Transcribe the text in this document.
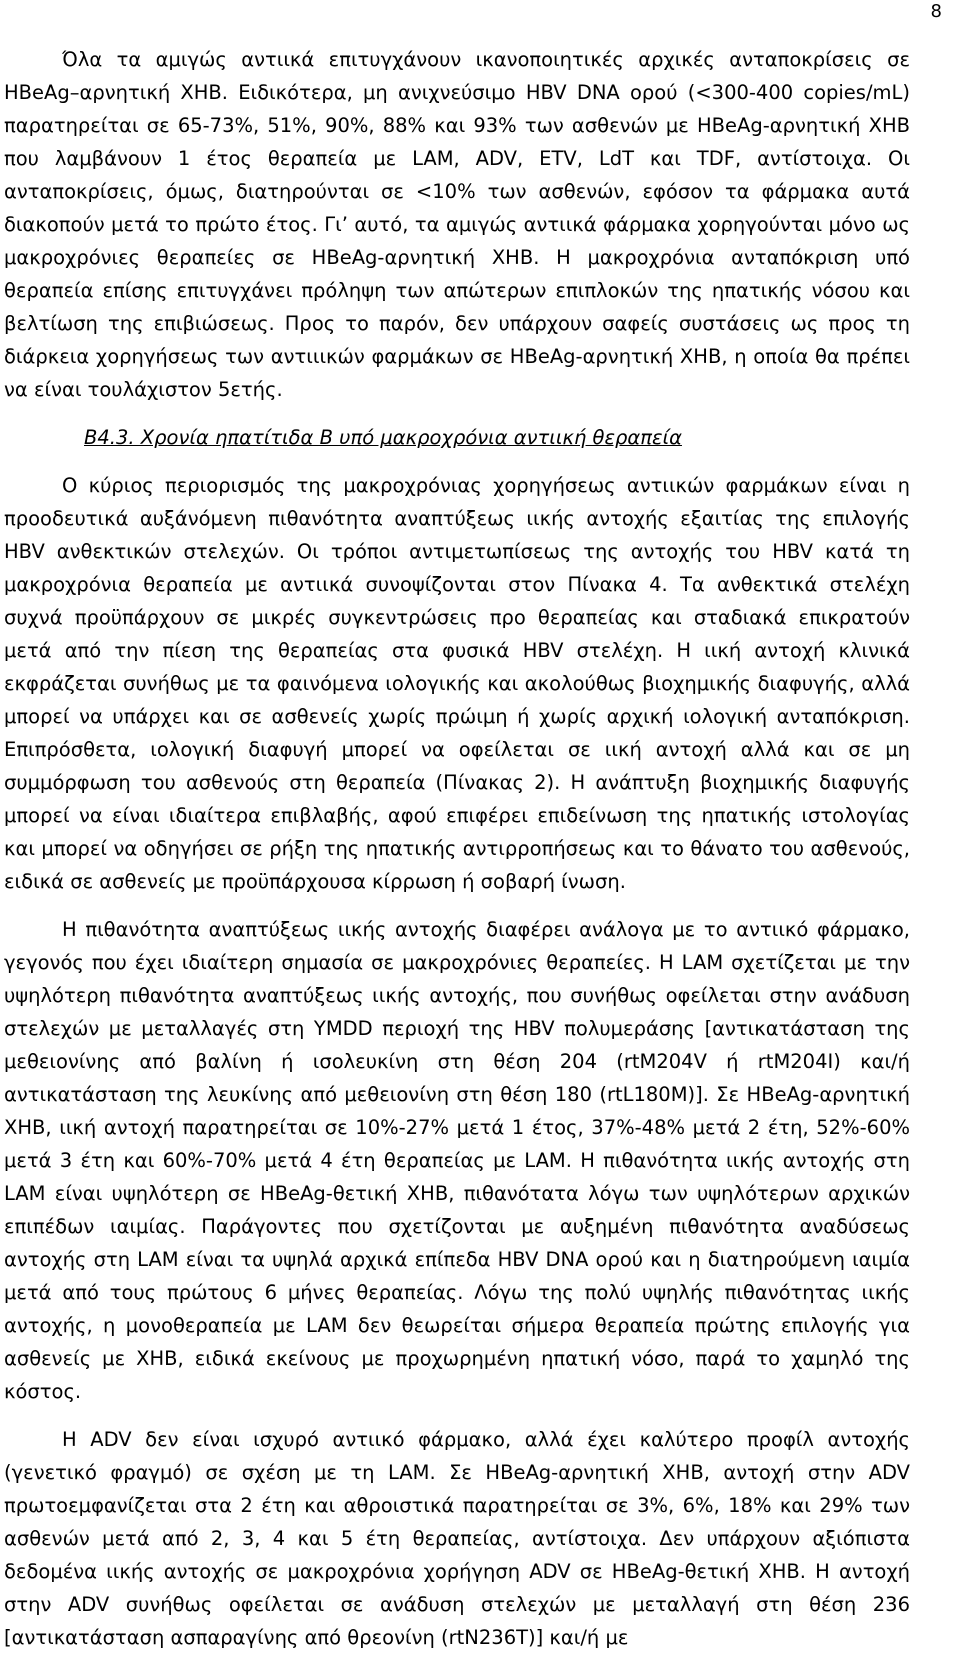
8

Όλα τα αμιγώς αντιικά επιτυγχάνουν ικανοποιητικές αρχικές ανταποκρίσεις σε HBeAg–αρνητική ΧΗΒ. Ειδικότερα, μη ανιχνεύσιμο HBV DNA ορού (<300-400 copies/mL) παρατηρείται σε 65-73%, 51%, 90%, 88% και 93% των ασθενών με HBeAg-αρνητική ΧΗΒ που λαμβάνουν 1 έτος θεραπεία με LAM, ADV, ETV, LdT και TDF, αντίστοιχα. Οι ανταποκρίσεις, όμως, διατηρούνται σε <10% των ασθενών, εφόσον τα φάρμακα αυτά διακοπούν μετά το πρώτο έτος. Γι’ αυτό, τα αμιγώς αντιικά φάρμακα χορηγούνται μόνο ως μακροχρόνιες θεραπείες σε HBeAg-αρνητική ΧΗΒ. Η μακροχρόνια ανταπόκριση υπό θεραπεία επίσης επιτυγχάνει πρόληψη των απώτερων επιπλοκών της ηπατικής νόσου και βελτίωση της επιβιώσεως. Προς το παρόν, δεν υπάρχουν σαφείς συστάσεις ως προς τη διάρκεια χορηγήσεως των αντιιικών φαρμάκων σε HBeAg-αρνητική ΧΗΒ, η οποία θα πρέπει να είναι τουλάχιστον 5ετής.

Β4.3. Χρονία ηπατίτιδα Β υπό μακροχρόνια αντιική θεραπεία

Ο κύριος περιορισμός της μακροχρόνιας χορηγήσεως αντιικών φαρμάκων είναι η προοδευτικά αυξάνόμενη πιθανότητα αναπτύξεως ιικής αντοχής εξαιτίας της επιλογής HBV ανθεκτικών στελεχών. Οι τρόποι αντιμετωπίσεως της αντοχής του HBV κατά τη μακροχρόνια θεραπεία με αντιικά συνοψίζονται στον Πίνακα 4. Τα ανθεκτικά στελέχη συχνά προϋπάρχουν σε μικρές συγκεντρώσεις προ θεραπείας και σταδιακά επικρατούν μετά από την πίεση της θεραπείας στα φυσικά HBV στελέχη. Η ιική αντοχή κλινικά εκφράζεται συνήθως με τα φαινόμενα ιολογικής και ακολούθως βιοχημικής διαφυγής, αλλά μπορεί να υπάρχει και σε ασθενείς χωρίς πρώιμη ή χωρίς αρχική ιολογική ανταπόκριση. Επιπρόσθετα, ιολογική διαφυγή μπορεί να οφείλεται σε ιική αντοχή αλλά και σε μη συμμόρφωση του ασθενούς στη θεραπεία (Πίνακας 2). Η ανάπτυξη βιοχημικής διαφυγής μπορεί να είναι ιδιαίτερα επιβλαβής, αφού επιφέρει επιδείνωση της ηπατικής ιστολογίας και μπορεί να οδηγήσει σε ρήξη της ηπατικής αντιρροπήσεως και το θάνατο του ασθενούς, ειδικά σε ασθενείς με προϋπάρχουσα κίρρωση ή σοβαρή ίνωση.

Η πιθανότητα αναπτύξεως ιικής αντοχής διαφέρει ανάλογα με το αντιικό φάρμακο, γεγονός που έχει ιδιαίτερη σημασία σε μακροχρόνιες θεραπείες. Η LAM σχετίζεται με την υψηλότερη πιθανότητα αναπτύξεως ιικής αντοχής, που συνήθως οφείλεται στην ανάδυση στελεχών με μεταλλαγές στη YMDD περιοχή της HBV πολυμεράσης [αντικατάσταση της μεθειονίνης από βαλίνη ή ισολευκίνη στη θέση 204 (rtM204V ή rtM204I) και/ή αντικατάσταση της λευκίνης από μεθειονίνη στη θέση 180 (rtL180M)]. Σε HBeAg-αρνητική ΧΗΒ, ιική αντοχή παρατηρείται σε 10%-27% μετά 1 έτος, 37%-48% μετά 2 έτη, 52%-60% μετά 3 έτη και 60%-70% μετά 4 έτη θεραπείας με LAM. Η πιθανότητα ιικής αντοχής στη LAM είναι υψηλότερη σε HBeAg-θετική ΧΗΒ, πιθανότατα λόγω των υψηλότερων αρχικών επιπέδων ιαιμίας. Παράγοντες που σχετίζονται με αυξημένη πιθανότητα αναδύσεως αντοχής στη LAM είναι τα υψηλά αρχικά επίπεδα HBV DNA ορού και η διατηρούμενη ιαιμία μετά από τους πρώτους 6 μήνες θεραπείας. Λόγω της πολύ υψηλής πιθανότητας ιικής αντοχής, η μονοθεραπεία με LAM δεν θεωρείται σήμερα θεραπεία πρώτης επιλογής για ασθενείς με ΧΗΒ, ειδικά εκείνους με προχωρημένη ηπατική νόσο, παρά το χαμηλό της κόστος.

Η ADV δεν είναι ισχυρό αντιικό φάρμακο, αλλά έχει καλύτερο προφίλ αντοχής (γενετικό φραγμό) σε σχέση με τη LAM. Σε HBeAg-αρνητική ΧΗΒ, αντοχή στην ADV πρωτοεμφανίζεται στα 2 έτη και αθροιστικά παρατηρείται σε 3%, 6%, 18% και 29% των ασθενών μετά από 2, 3, 4 και 5 έτη θεραπείας, αντίστοιχα. Δεν υπάρχουν αξιόπιστα δεδομένα ιικής αντοχής σε μακροχρόνια χορήγηση ADV σε HBeAg-θετική ΧΗΒ. Η αντοχή στην ADV συνήθως οφείλεται σε ανάδυση στελεχών με μεταλλαγή στη θέση 236 [αντικατάσταση ασπαραγίνης από θρεονίνη (rtN236T)] και/ή με
